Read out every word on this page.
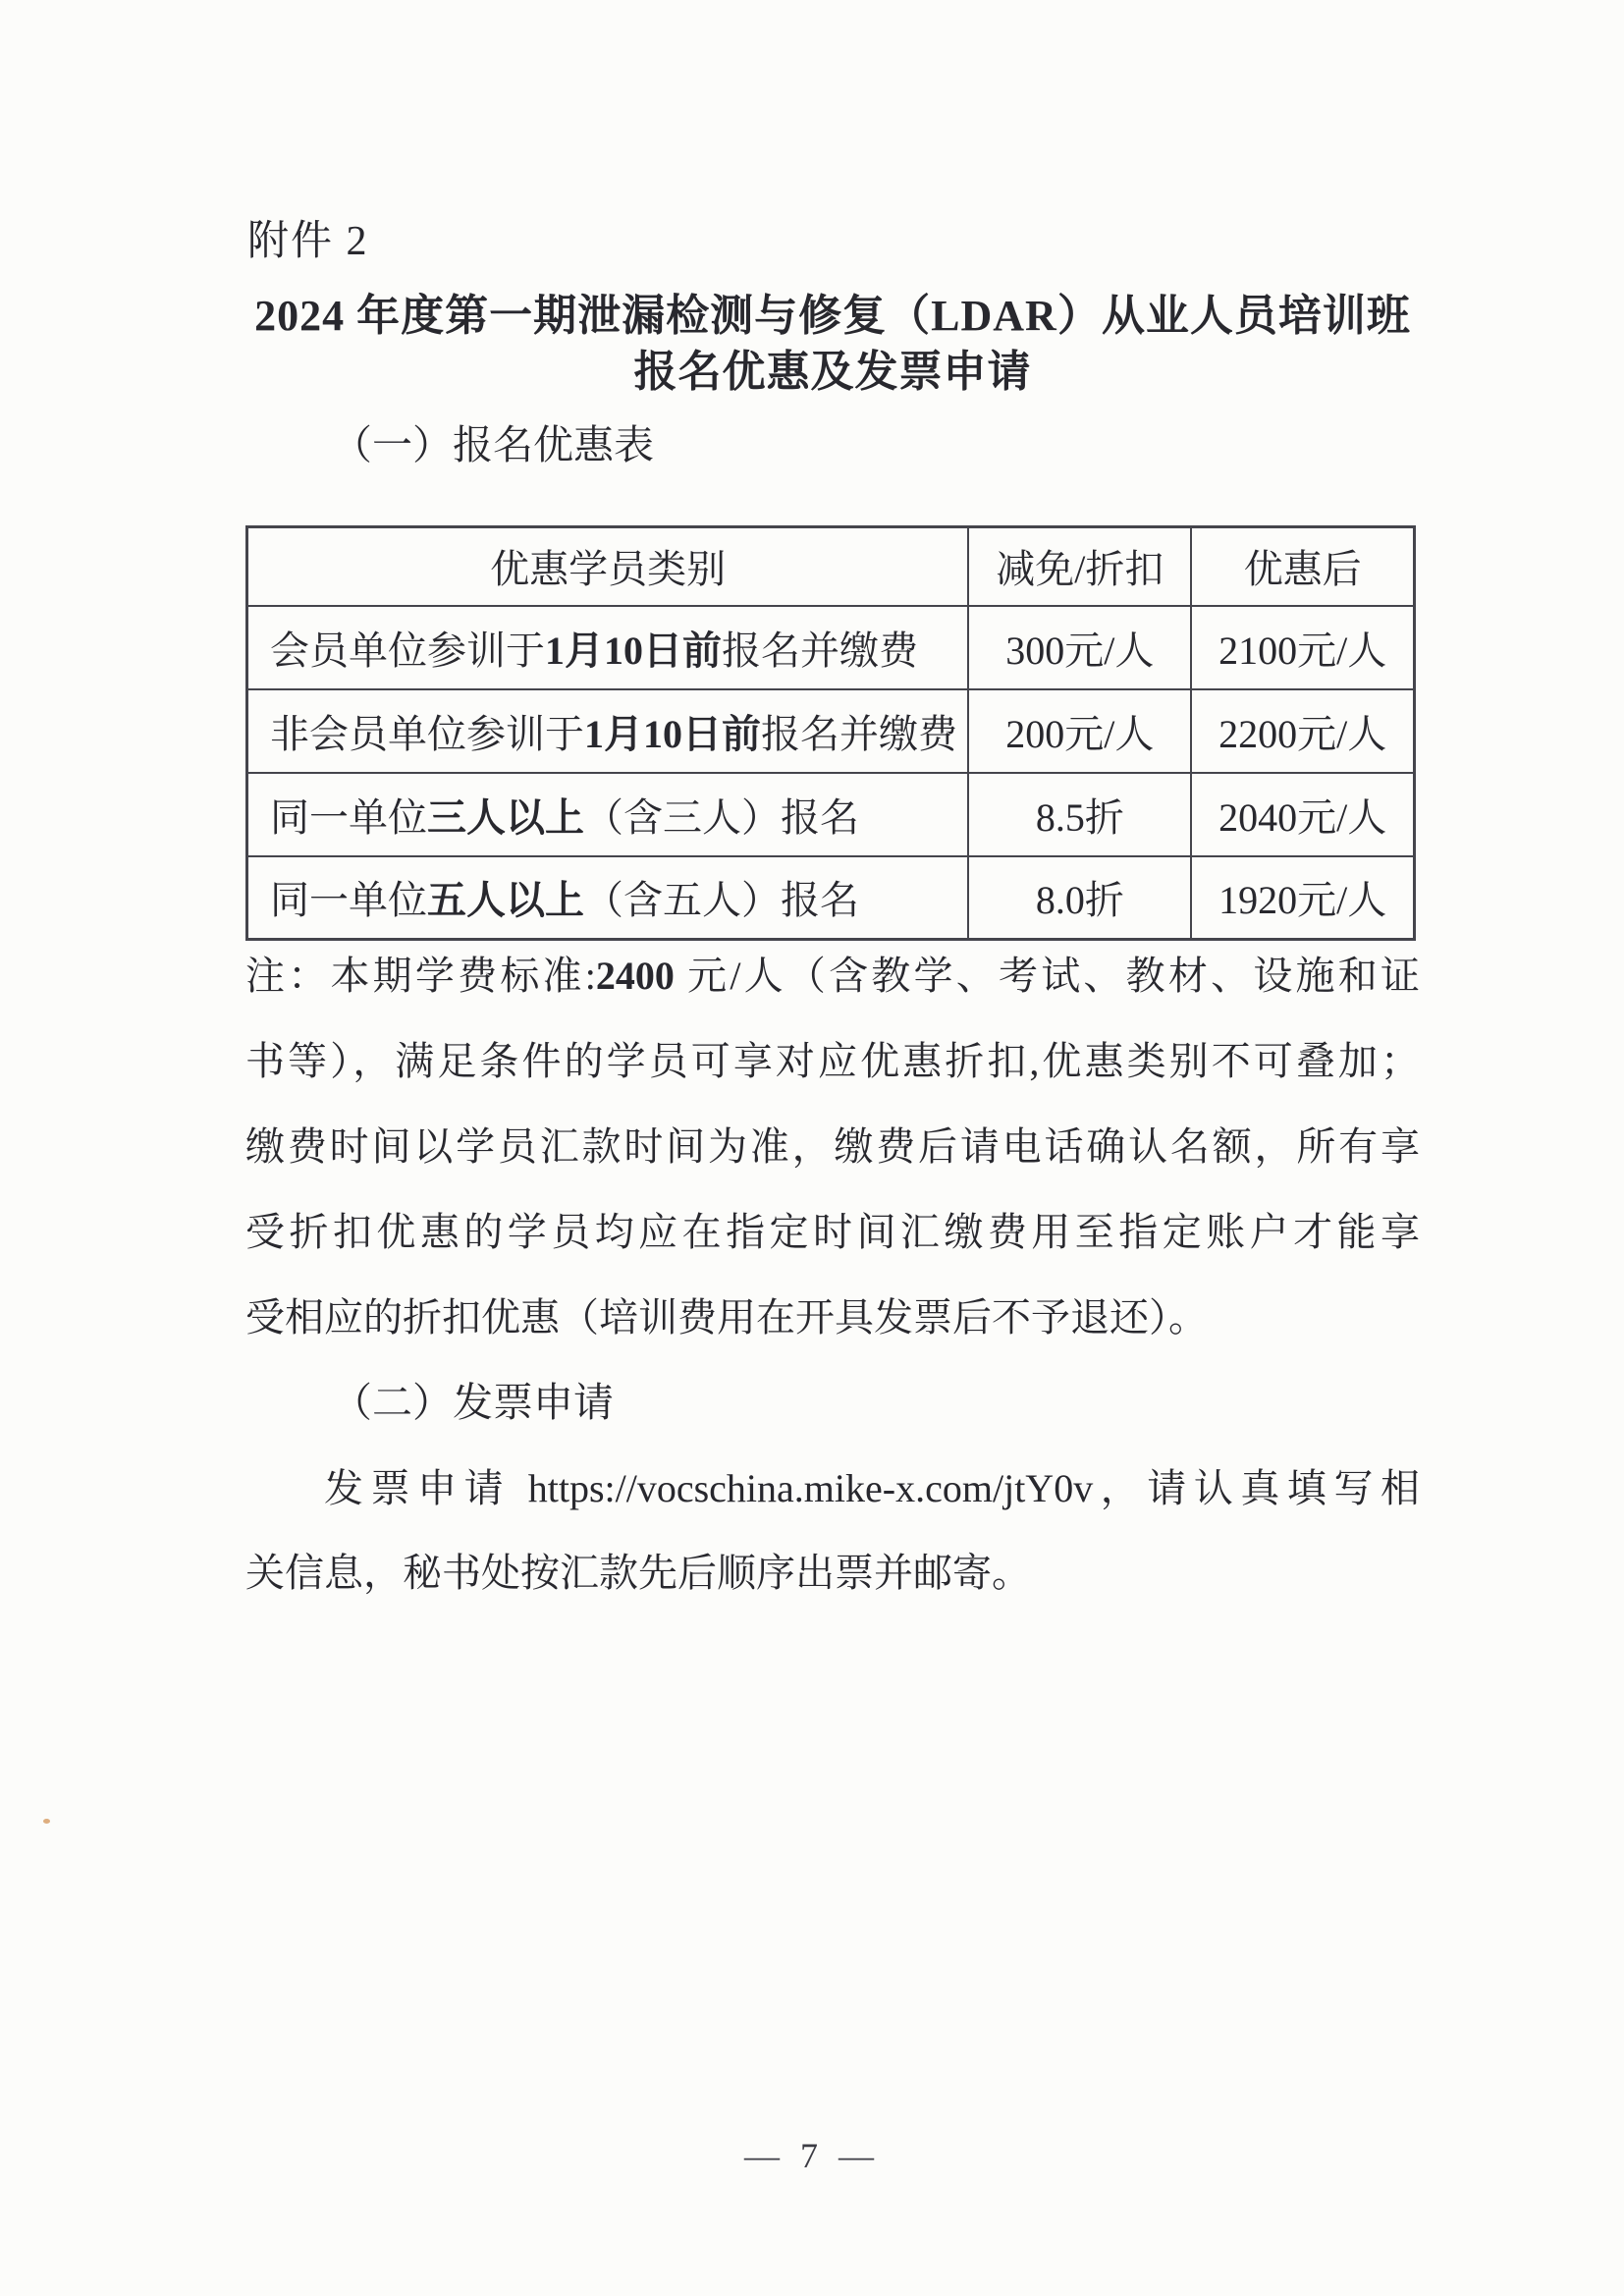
附件 2
2024 年度第一期泄漏检测与修复（LDAR）从业人员培训班
报名优惠及发票申请
（一）报名优惠表
优惠学员类别	减免/折扣	优惠后
会员单位参训于1月10日前报名并缴费	300元/人	2100元/人
非会员单位参训于1月10日前报名并缴费	200元/人	2200元/人
同一单位三人以上（含三人）报名	8.5折	2040元/人
同一单位五人以上（含五人）报名	8.0折	1920元/人
注：本期学费标准:2400 元/人（含教学、考试、教材、设施和证
书等），满足条件的学员可享对应优惠折扣,优惠类别不可叠加；
缴费时间以学员汇款时间为准，缴费后请电话确认名额，所有享
受折扣优惠的学员均应在指定时间汇缴费用至指定账户才能享
受相应的折扣优惠（培训费用在开具发票后不予退还）。
（二）发票申请
发票申请 https://vocschina.mike-x.com/jtY0v，请认真填写相
关信息，秘书处按汇款先后顺序出票并邮寄。
— 7 —
